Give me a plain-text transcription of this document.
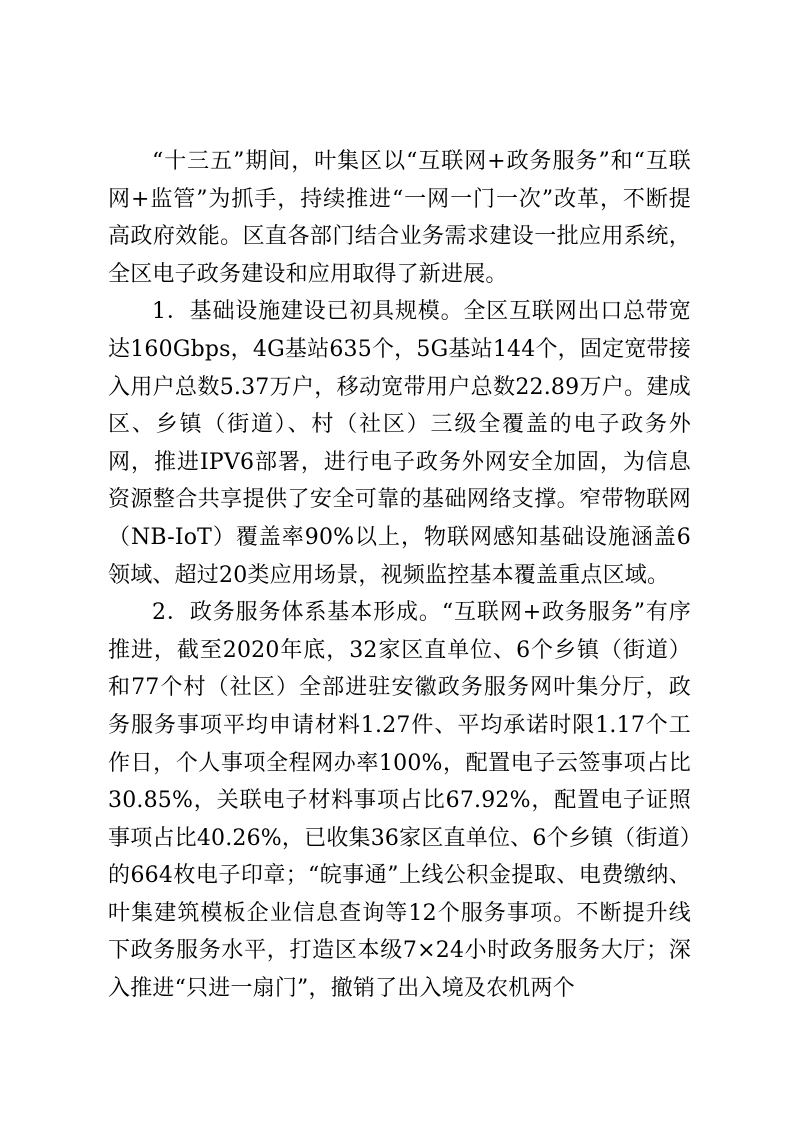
“十三五”期间，叶集区以“互联网+政务服务”和“互联网+监管”为抓手，持续推进“一网一门一次”改革，不断提高政府效能。区直各部门结合业务需求建设一批应用系统，全区电子政务建设和应用取得了新进展。

1．基础设施建设已初具规模。全区互联网出口总带宽达160Gbps，4G基站635个，5G基站144个，固定宽带接入用户总数5.37万户，移动宽带用户总数22.89万户。建成区、乡镇（街道）、村（社区）三级全覆盖的电子政务外网，推进IPV6部署，进行电子政务外网安全加固，为信息资源整合共享提供了安全可靠的基础网络支撑。窄带物联网（NB-IoT）覆盖率90%以上，物联网感知基础设施涵盖6领域、超过20类应用场景，视频监控基本覆盖重点区域。

2．政务服务体系基本形成。“互联网+政务服务”有序推进，截至2020年底，32家区直单位、6个乡镇（街道）和77个村（社区）全部进驻安徽政务服务网叶集分厅，政务服务事项平均申请材料1.27件、平均承诺时限1.17个工作日，个人事项全程网办率100%，配置电子云签事项占比30.85%，关联电子材料事项占比67.92%，配置电子证照事项占比40.26%，已收集36家区直单位、6个乡镇（街道）的664枚电子印章；“皖事通”上线公积金提取、电费缴纳、叶集建筑模板企业信息查询等12个服务事项。不断提升线下政务服务水平，打造区本级7×24小时政务服务大厅；深入推进“只进一扇门”，撤销了出入境及农机两个
